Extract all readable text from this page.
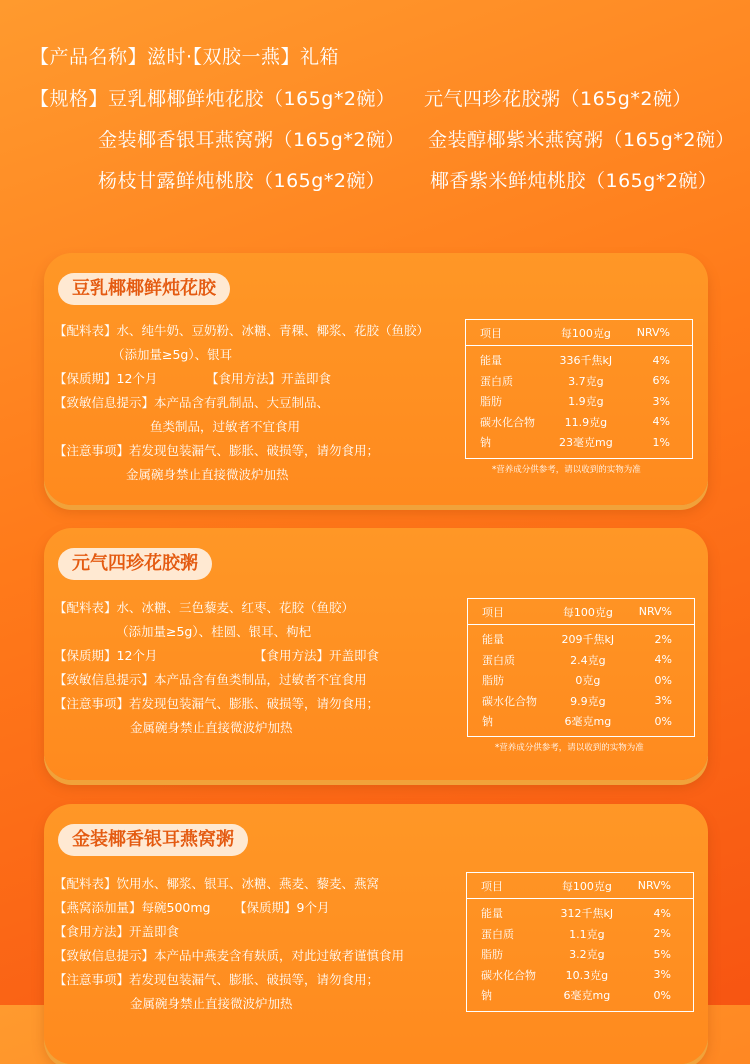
【产品名称】滋时·【双胶一燕】礼箱
【规格】豆乳椰椰鲜炖花胶（165g*2碗） 元气四珍花胶粥（165g*2碗）
金装椰香银耳燕窝粥（165g*2碗） 金装醇椰紫米燕窝粥（165g*2碗）
杨枝甘露鲜炖桃胶（165g*2碗） 椰香紫米鲜炖桃胶（165g*2碗）
豆乳椰椰鲜炖花胶
【配料表】水、纯牛奶、豆奶粉、冰糖、青稞、椰浆、花胶（鱼胶）
（添加量≥5g）、银耳
【保质期】12个月	【食用方法】开盖即食
【致敏信息提示】本产品含有乳制品、大豆制品、
鱼类制品，过敏者不宜食用
【注意事项】若发现包装漏气、膨胀、破损等，请勿食用；
金属碗身禁止直接微波炉加热
项目	每100克g	NRV%
能量	336千焦kJ	4%
蛋白质	3.7克g	6%
脂肪	1.9克g	3%
碳水化合物	11.9克g	4%
钠	23毫克mg	1%
*营养成分供参考，请以收到的实物为准
元气四珍花胶粥
【配料表】水、冰糖、三色藜麦、红枣、花胶（鱼胶）
（添加量≥5g）、桂圆、银耳、枸杞
【保质期】12个月	【食用方法】开盖即食
【致敏信息提示】本产品含有鱼类制品，过敏者不宜食用
【注意事项】若发现包装漏气、膨胀、破损等，请勿食用；
金属碗身禁止直接微波炉加热
项目	每100克g	NRV%
能量	209千焦kJ	2%
蛋白质	2.4克g	4%
脂肪	0克g	0%
碳水化合物	9.9克g	3%
钠	6毫克mg	0%
*营养成分供参考，请以收到的实物为准
金装椰香银耳燕窝粥
【配料表】饮用水、椰浆、银耳、冰糖、燕麦、藜麦、燕窝
【燕窝添加量】每碗500mg 【保质期】9个月
【食用方法】开盖即食
【致敏信息提示】本产品中燕麦含有麸质，对此过敏者谨慎食用
【注意事项】若发现包装漏气、膨胀、破损等，请勿食用；
金属碗身禁止直接微波炉加热
项目	每100克g	NRV%
能量	312千焦kJ	4%
蛋白质	1.1克g	2%
脂肪	3.2克g	5%
碳水化合物	10.3克g	3%
钠	6毫克mg	0%
